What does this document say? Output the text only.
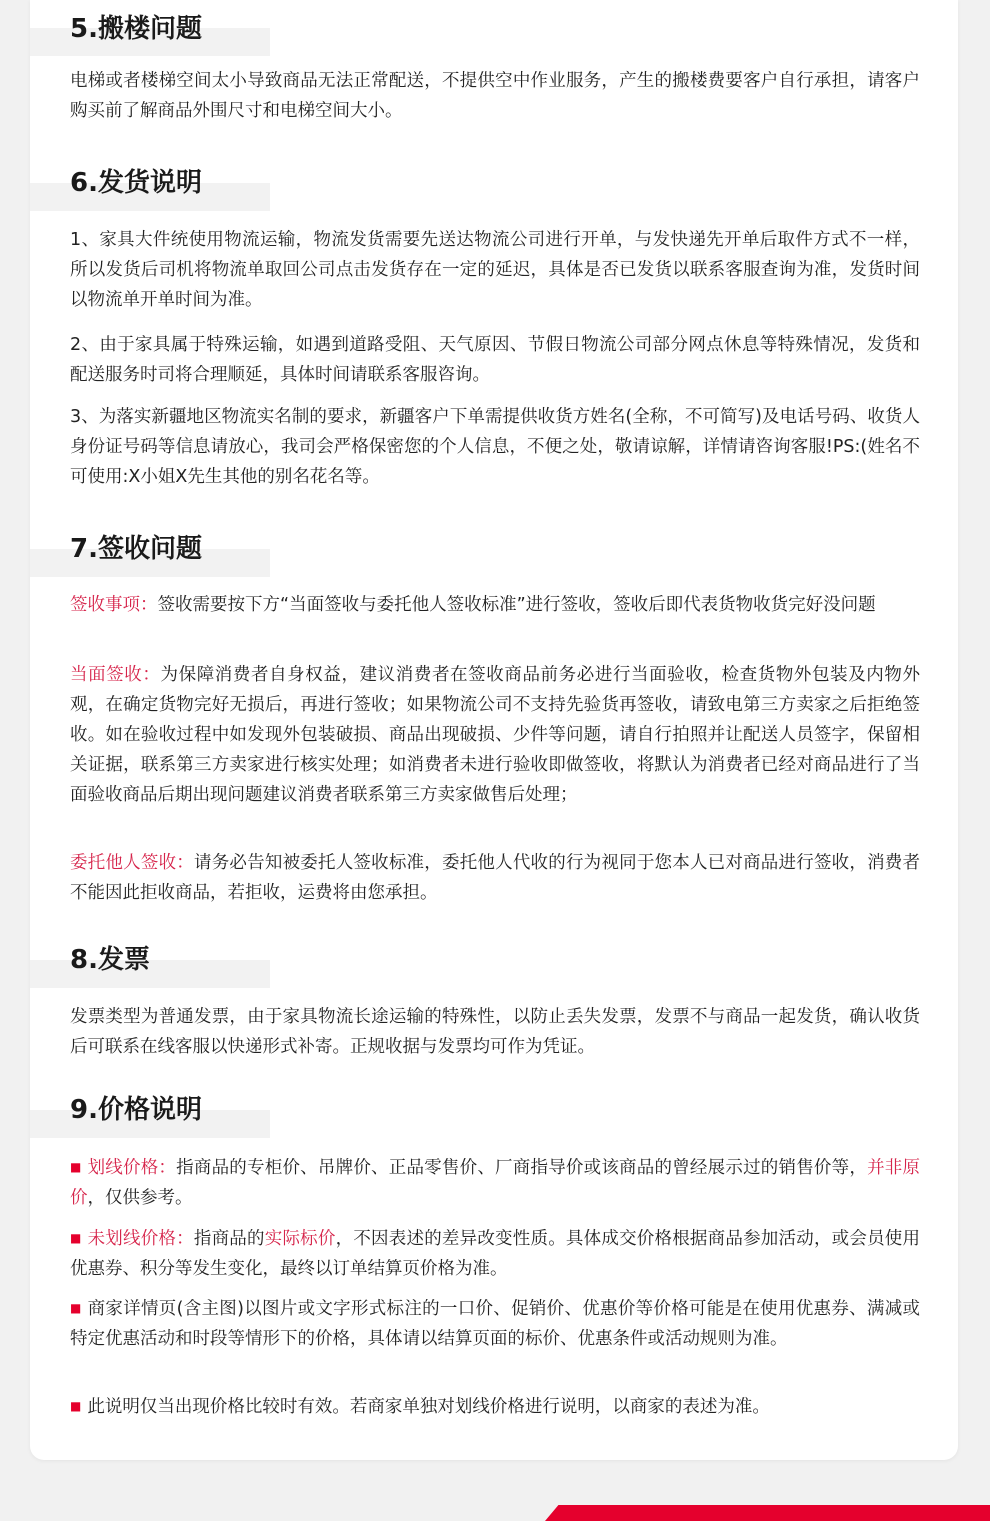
5.搬楼问题

电梯或者楼梯空间太小导致商品无法正常配送，不提供空中作业服务，产生的搬楼费要客户自行承担，请客户购买前了解商品外围尺寸和电梯空间大小。

6.发货说明

1、家具大件统使用物流运输，物流发货需要先送达物流公司进行开单，与发快递先开单后取件方式不一样，所以发货后司机将物流单取回公司点击发货存在一定的延迟，具体是否已发货以联系客服查询为准，发货时间以物流单开单时间为准。

2、由于家具属于特殊运输，如遇到道路受阻、天气原因、节假日物流公司部分网点休息等特殊情况，发货和配送服务时司将合理顺延，具体时间请联系客服咨询。

3、为落实新疆地区物流实名制的要求，新疆客户下单需提供收货方姓名(全称，不可简写)及电话号码、收货人身份证号码等信息请放心，我司会严格保密您的个人信息，不便之处，敬请谅解，详情请咨询客服!PS:(姓名不可使用:X小姐X先生其他的别名花名等。

7.签收问题

签收事项：签收需要按下方“当面签收与委托他人签收标准”进行签收，签收后即代表货物收货完好没问题

当面签收：为保障消费者自身权益，建议消费者在签收商品前务必进行当面验收，检查货物外包装及内物外观，在确定货物完好无损后，再进行签收；如果物流公司不支持先验货再签收，请致电第三方卖家之后拒绝签收。如在验收过程中如发现外包装破损、商品出现破损、少件等问题，请自行拍照并让配送人员签字，保留相关证据，联系第三方卖家进行核实处理；如消费者未进行验收即做签收，将默认为消费者已经对商品进行了当面验收商品后期出现问题建议消费者联系第三方卖家做售后处理；

委托他人签收：请务必告知被委托人签收标准，委托他人代收的行为视同于您本人已对商品进行签收，消费者不能因此拒收商品，若拒收，运费将由您承担。

8.发票

发票类型为普通发票，由于家具物流长途运输的特殊性，以防止丢失发票，发票不与商品一起发货，确认收货后可联系在线客服以快递形式补寄。正规收据与发票均可作为凭证。

9.价格说明

■ 划线价格：指商品的专柜价、吊牌价、正品零售价、厂商指导价或该商品的曾经展示过的销售价等，并非原价，仅供参考。

■ 未划线价格：指商品的实际标价，不因表述的差异改变性质。具体成交价格根据商品参加活动，或会员使用优惠券、积分等发生变化，最终以订单结算页价格为准。

■ 商家详情页(含主图)以图片或文字形式标注的一口价、促销价、优惠价等价格可能是在使用优惠券、满减或特定优惠活动和时段等情形下的价格，具体请以结算页面的标价、优惠条件或活动规则为准。

■ 此说明仅当出现价格比较时有效。若商家单独对划线价格进行说明，以商家的表述为准。
